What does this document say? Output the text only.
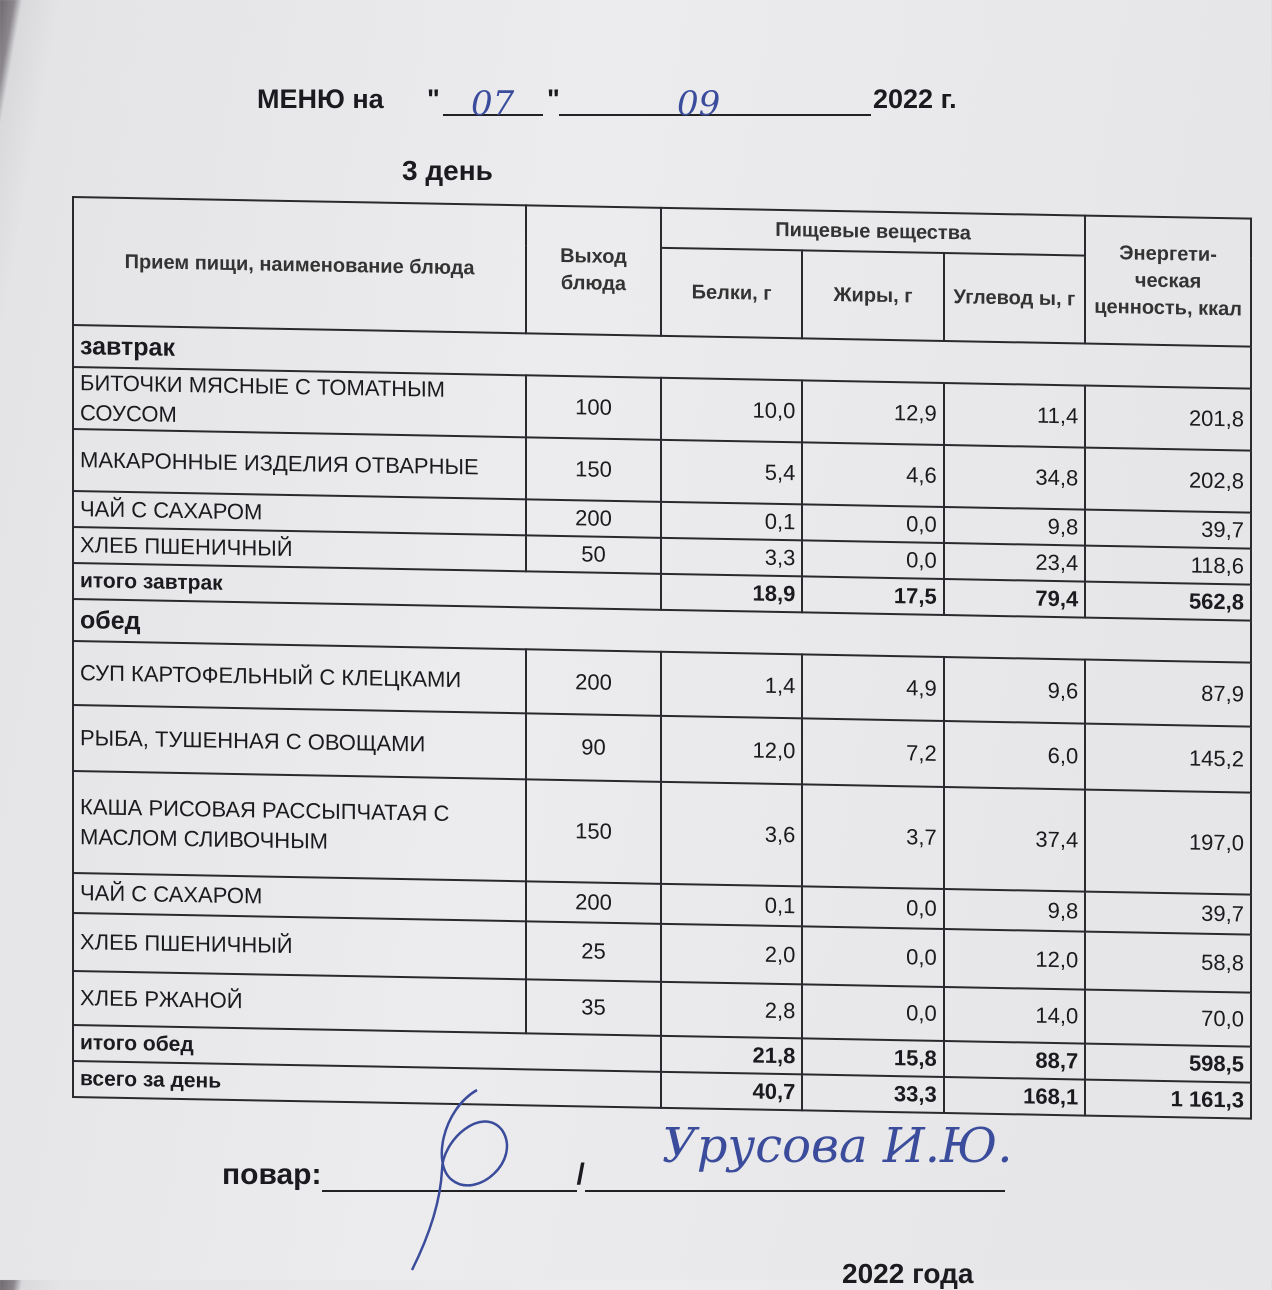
МЕНЮ на " 07 "	09	2022 г.
3 день
Прием пищи, наименование блюда	Выход блюда	Пищевые вещества			Энергети-ческая ценность, ккал
		Белки, г	Жиры, г	Углевод ы, г	
завтрак					
БИТОЧКИ МЯСНЫЕ С ТОМАТНЫМ СОУСОМ	100	10,0	12,9	11,4	201,8
МАКАРОННЫЕ ИЗДЕЛИЯ ОТВАРНЫЕ	150	5,4	4,6	34,8	202,8
ЧАЙ С САХАРОМ	200	0,1	0,0	9,8	39,7
ХЛЕБ ПШЕНИЧНЫЙ	50	3,3	0,0	23,4	118,6
итого завтрак		18,9	17,5	79,4	562,8
обед					
СУП КАРТОФЕЛЬНЫЙ С КЛЕЦКАМИ	200	1,4	4,9	9,6	87,9
РЫБА, ТУШЕННАЯ С ОВОЩАМИ	90	12,0	7,2	6,0	145,2
КАША РИСОВАЯ РАССЫПЧАТАЯ С МАСЛОМ СЛИВОЧНЫМ	150	3,6	3,7	37,4	197,0
ЧАЙ С САХАРОМ	200	0,1	0,0	9,8	39,7
ХЛЕБ ПШЕНИЧНЫЙ	25	2,0	0,0	12,0	58,8
ХЛЕБ РЖАНОЙ	35	2,8	0,0	14,0	70,0
итого обед		21,8	15,8	88,7	598,5
всего за день		40,7	33,3	168,1	1 161,3
повар:	/
Урусова И.Ю.
2022 года
